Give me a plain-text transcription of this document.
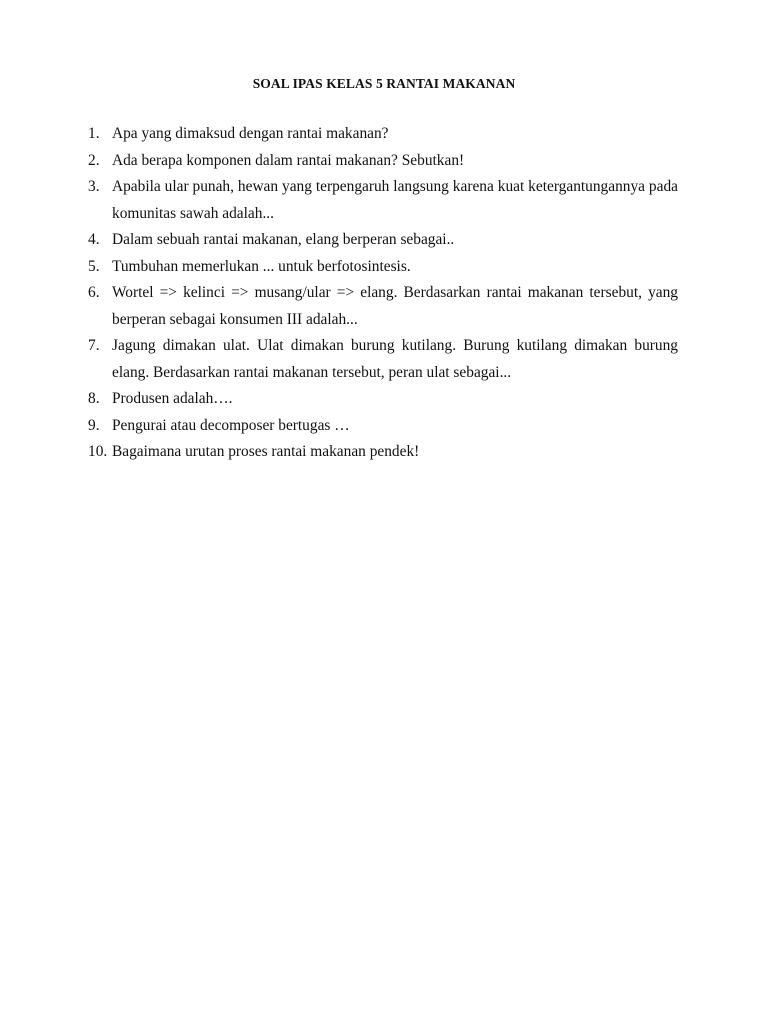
SOAL IPAS KELAS 5 RANTAI MAKANAN
1. Apa yang dimaksud dengan rantai makanan?
2. Ada berapa komponen dalam rantai makanan? Sebutkan!
3. Apabila ular punah, hewan yang terpengaruh langsung karena kuat ketergantungannya pada komunitas sawah adalah...
4. Dalam sebuah rantai makanan, elang berperan sebagai..
5. Tumbuhan memerlukan ... untuk berfotosintesis.
6. Wortel => kelinci => musang/ular => elang. Berdasarkan rantai makanan tersebut, yang berperan sebagai konsumen III adalah...
7. Jagung dimakan ulat. Ulat dimakan burung kutilang. Burung kutilang dimakan burung elang. Berdasarkan rantai makanan tersebut, peran ulat sebagai...
8. Produsen adalah….
9. Pengurai atau decomposer bertugas …
10. Bagaimana urutan proses rantai makanan pendek!
